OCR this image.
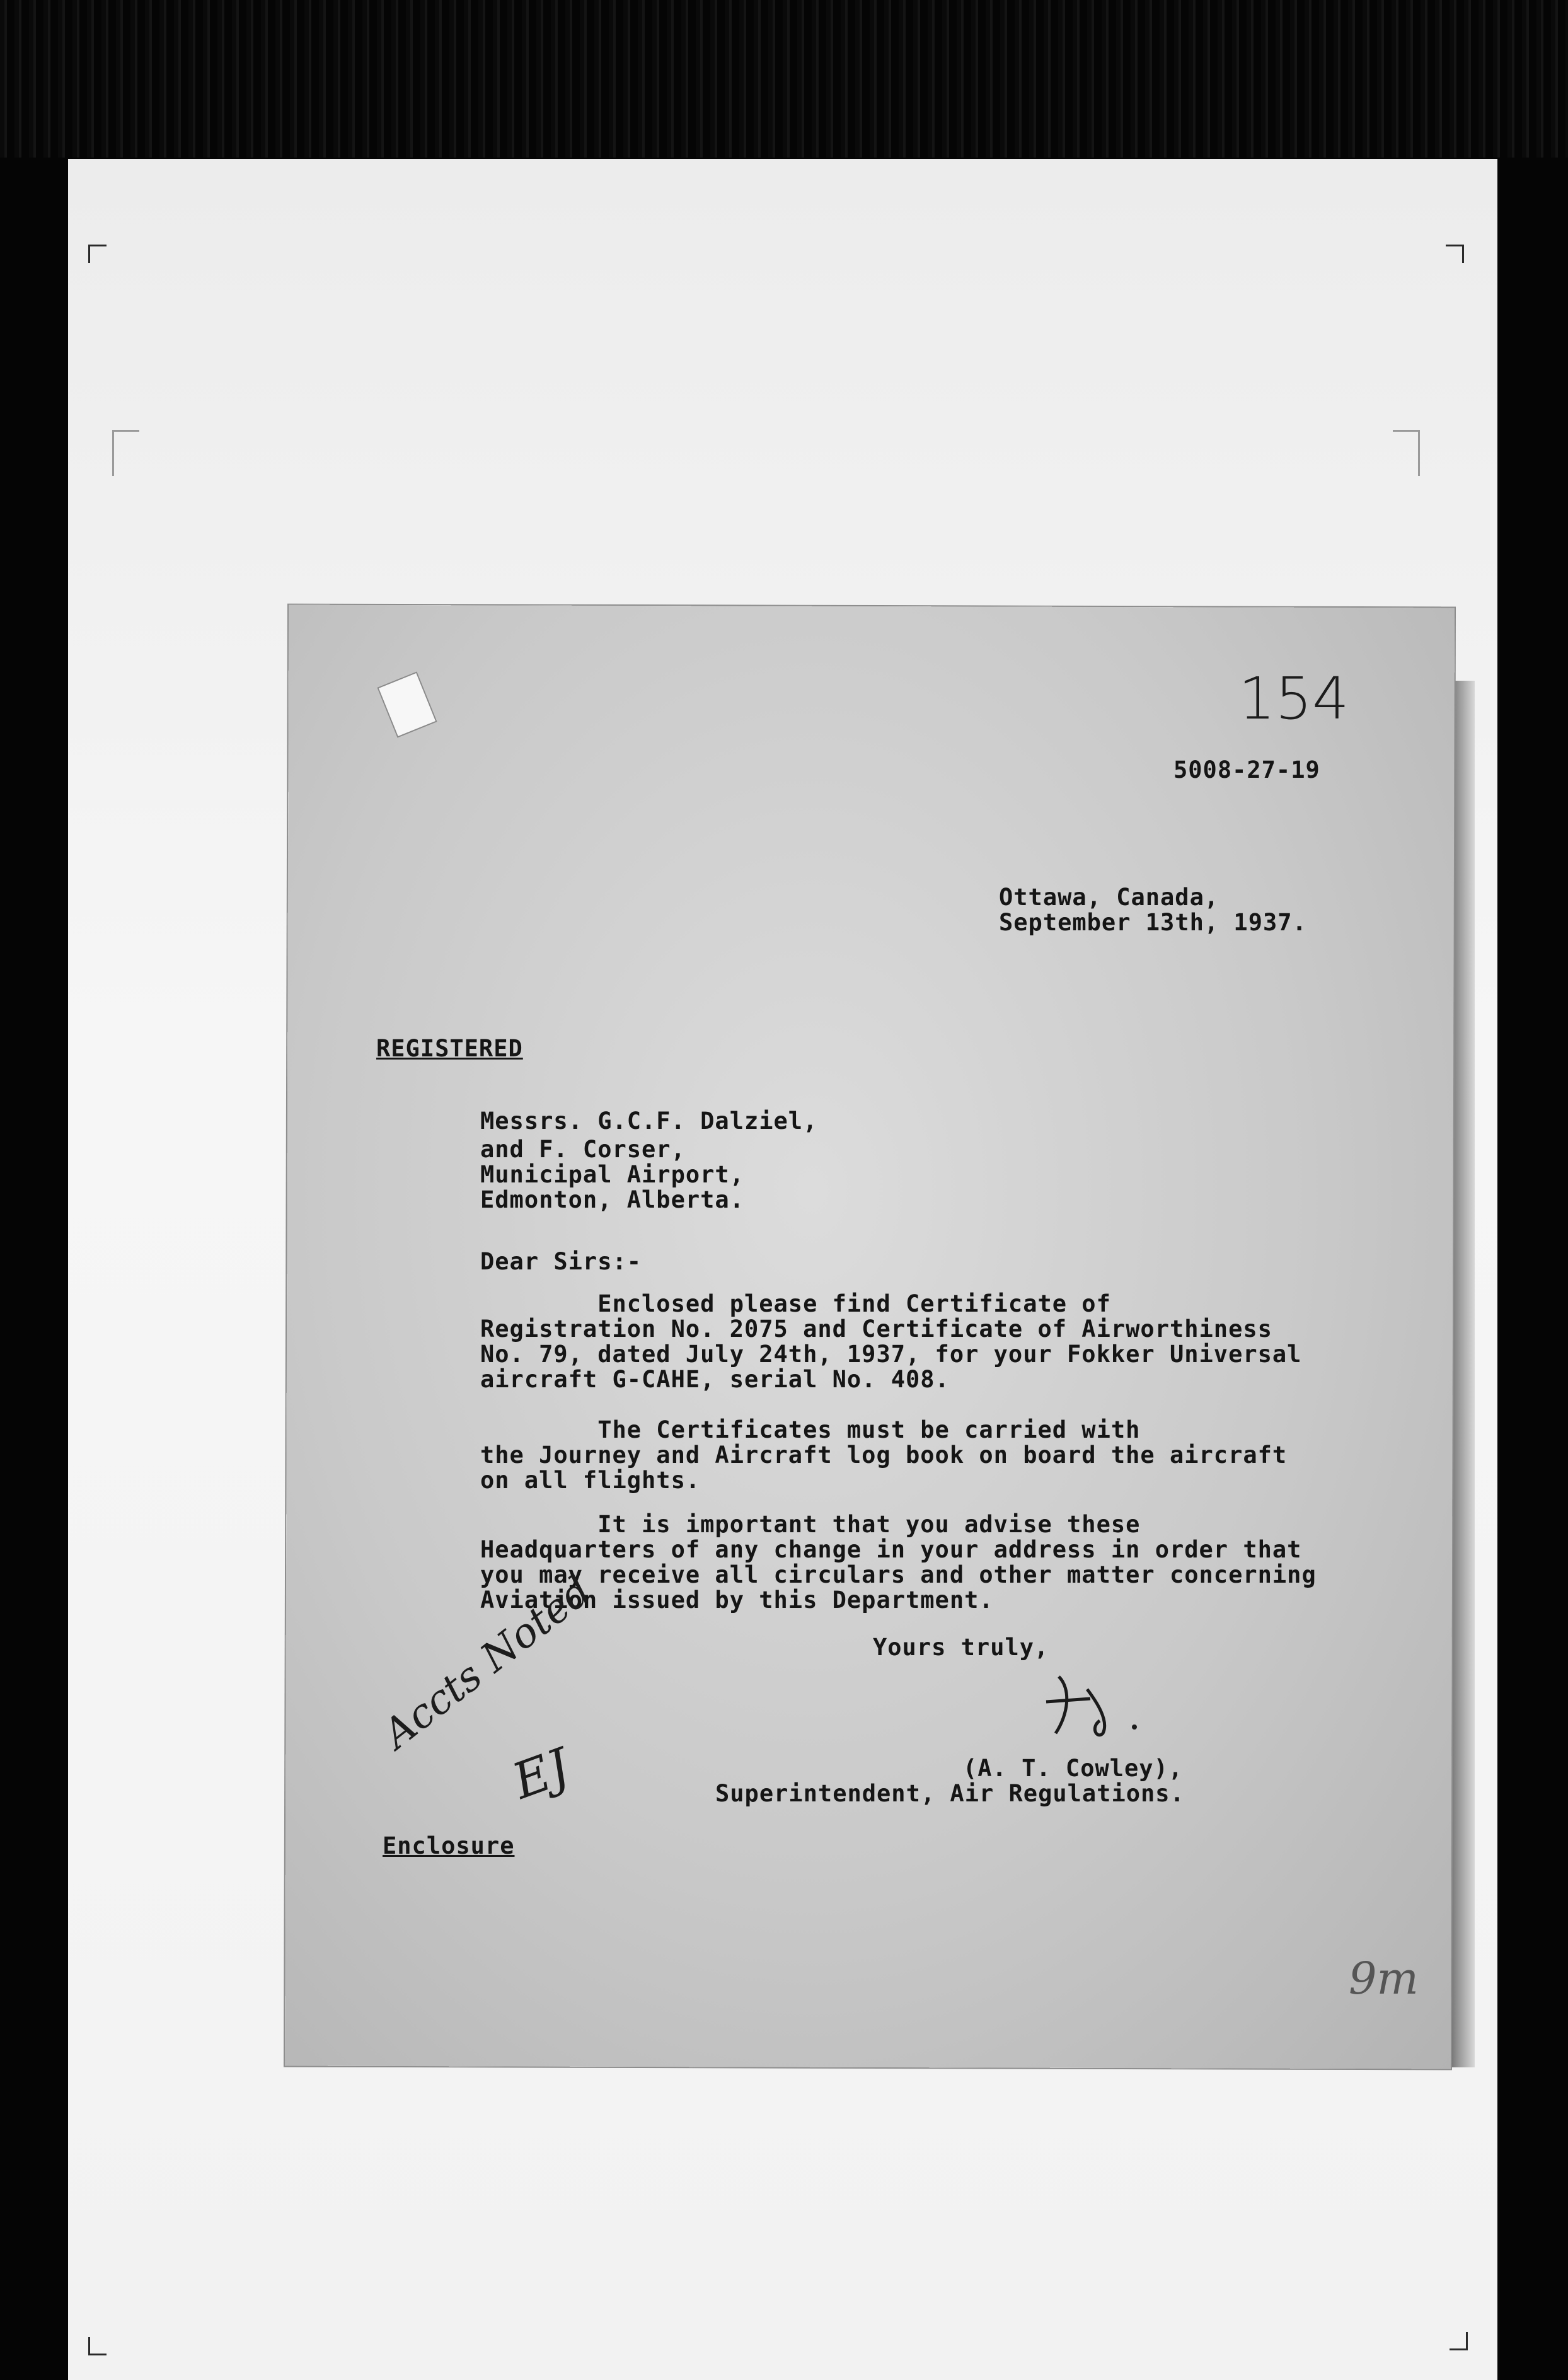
154
5008-27-19
Ottawa, Canada,
September 13th, 1937.
REGISTERED
Messrs. G.C.F. Dalziel,
and F. Corser,
Municipal Airport,
Edmonton, Alberta.
Dear Sirs:-
Enclosed please find Certificate of
Registration No. 2075 and Certificate of Airworthiness
No. 79, dated July 24th, 1937, for your Fokker Universal
aircraft G-CAHE, serial No. 408.
The Certificates must be carried with
the Journey and Aircraft log book on board the aircraft
on all flights.
It is important that you advise these
Headquarters of any change in your address in order that
you may receive all circulars and other matter concerning
Aviation issued by this Department.
Yours truly,
(A. T. Cowley),
Superintendent, Air Regulations.
Accts Noted
EJ
Enclosure
9m
